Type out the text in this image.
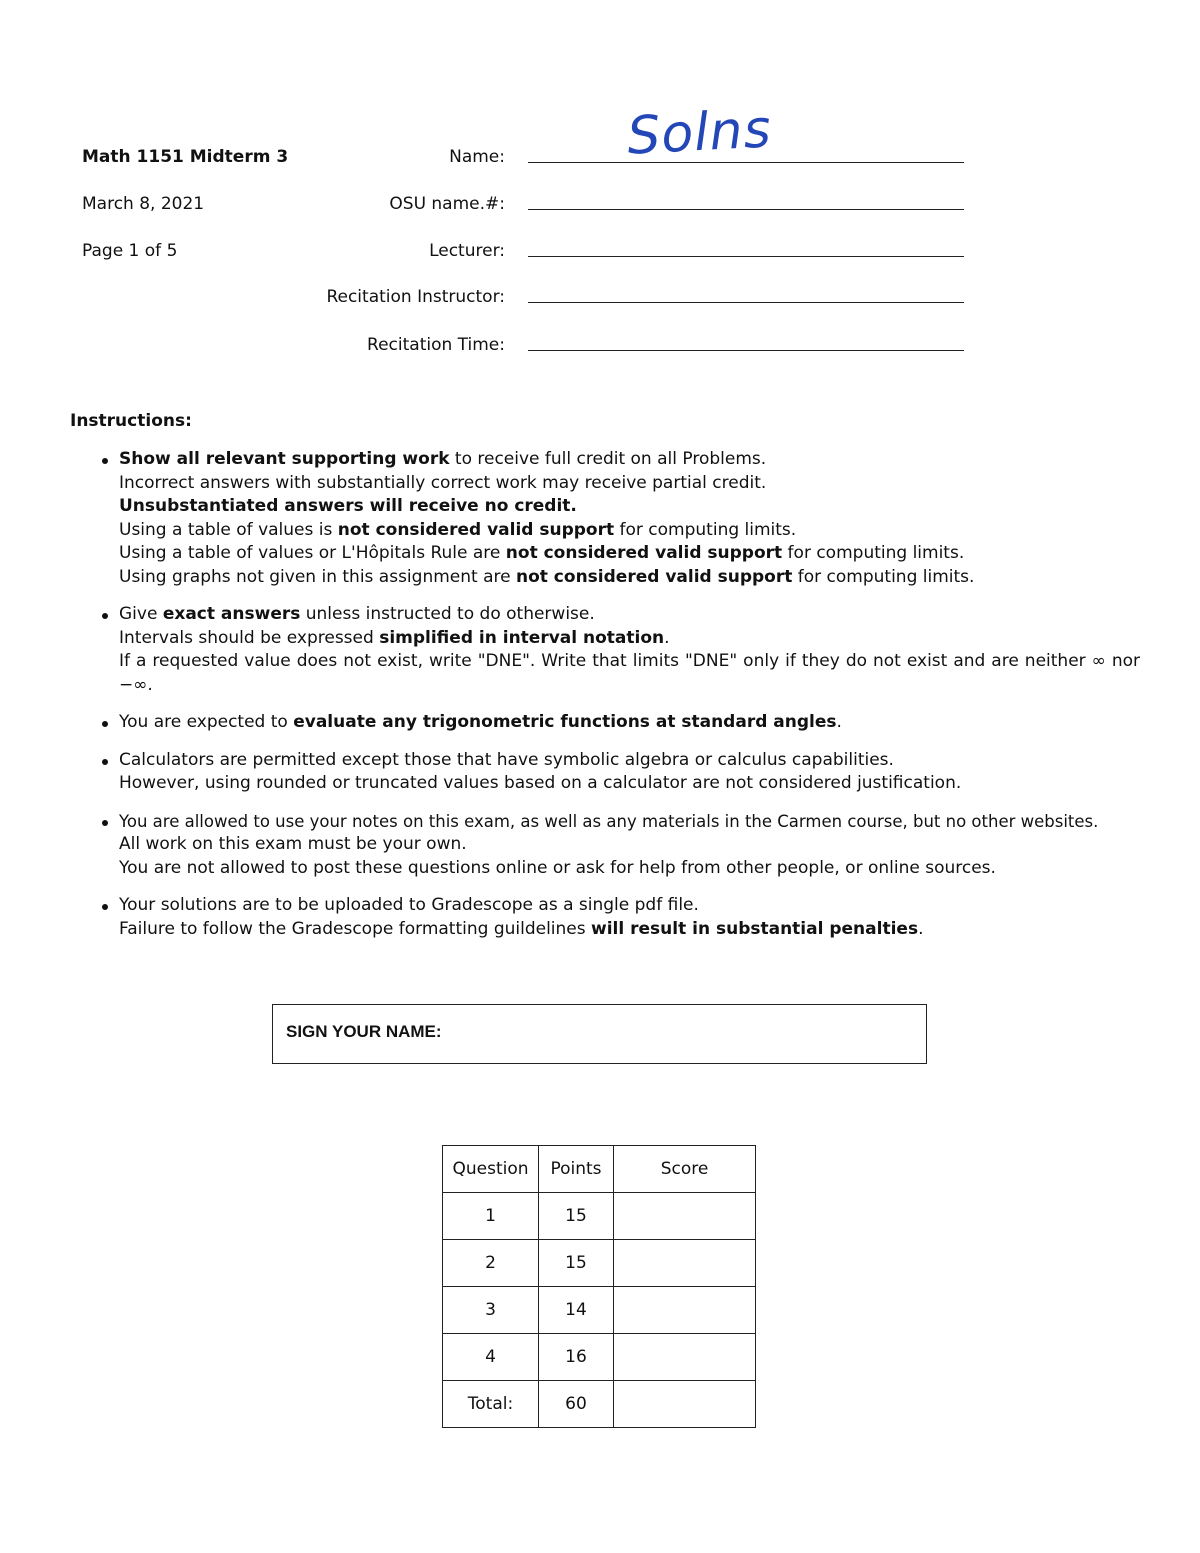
Math 1151 Midterm 3
March 8, 2021
Page 1 of 5
Name: Solns
OSU name.#:
Lecturer:
Recitation Instructor:
Recitation Time:
Instructions:
Show all relevant supporting work to receive full credit on all Problems.
Incorrect answers with substantially correct work may receive partial credit.
Unsubstantiated answers will receive no credit.
Using a table of values is not considered valid support for computing limits.
Using a table of values or L'Hôpitals Rule are not considered valid support for computing limits.
Using graphs not given in this assignment are not considered valid support for computing limits.
Give exact answers unless instructed to do otherwise.
Intervals should be expressed simplified in interval notation.
If a requested value does not exist, write "DNE". Write that limits "DNE" only if they do not exist and are neither ∞ nor −∞.
You are expected to evaluate any trigonometric functions at standard angles.
Calculators are permitted except those that have symbolic algebra or calculus capabilities.
However, using rounded or truncated values based on a calculator are not considered justification.
You are allowed to use your notes on this exam, as well as any materials in the Carmen course, but no other websites.
All work on this exam must be your own.
You are not allowed to post these questions online or ask for help from other people, or online sources.
Your solutions are to be uploaded to Gradescope as a single pdf file.
Failure to follow the Gradescope formatting guildelines will result in substantial penalties.
SIGN YOUR NAME:
Question	Points	Score
1	15	
2	15	
3	14	
4	16	
Total:	60	
